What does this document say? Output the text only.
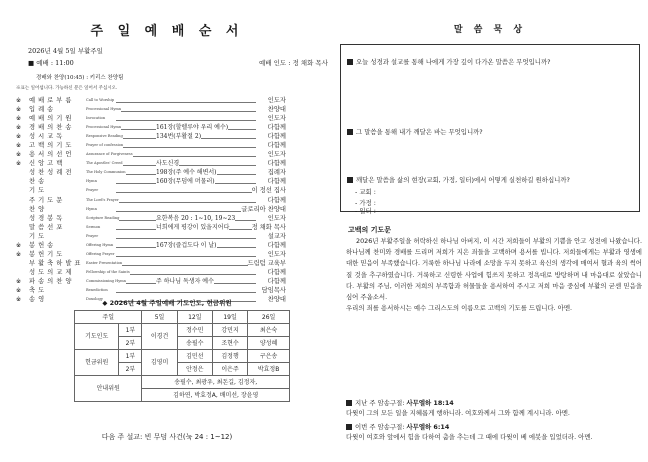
주 일 예 배 순 서
2026년 4월 5일 부활주일
■ 예배 : 11:00	예배 인도 : 정 채화 목사
경배와 찬양(10:45) : 키리스 찬양팀
※표는 일어섭니다. 가능하신 분은 일어서 주십시오.
※	예 배 로 부 름	Call to Worship	인도자
※	입 례 송	Processional Hymn	찬양대
※	예 배 의 기 원	Invocation	인도자
※	경 배 의 찬 송	Processional Hymn	161장(할렐루야 우리 예수)	다함께
※	성 시 교 독	Responsive Reading	134번(부활절 2)	다함께
※	고 백 의 기 도	Prayer of confession	다함께
※	용 서 의 선 언	Assurance of Forgiveness	인도자
※	신 앙 고 백	The Apostles' Creed	사도신경	다함께
성 찬 성 례 전	The Holy Communion	198장(주 예수 해변서)	집례자
찬 송	Hymn	160장(무덤에 머물러)	다함께
기 도	Prayer	이 정선 집사
주 기 도 문	The Lord's Prayer	다함께
찬 양	Hymn	글로리아 찬양대
성 경 봉 독	Scripture Reading	요한복음 20 : 1~10, 19~23	인도자
말 씀 선 포	Sermon	너희에게 평강이 있을지어다	정 채화 목사
기 도	Prayer	설교자
※	봉 헌 송	Offering Hymn	167장(즐겁도다 이 날)	다함께
※	봉 헌 기 도	Offering Prayer	인도자
부 활 축 하 발 표	Easter Presentation	드림텀 교육부
성 도 의 교 제	Fellowship of the Saints	다함께
※	파 송 의 찬 양	Commissioning Hymn	주 하나님 독생자 예수	다함께
※	축 도	Benediction	담임목사
※	송 영	Doxology	찬양대
◆ 2026년 4월 주일예배 기도인도, 헌금위원
주일		5일	12일	19일	26일
기도인도	1부	이경건	정수민	강민지	최은숙
	2부		송필수	조현수	양성혜
헌금위원	1부	김영미	김민선	김정행	구은송
	2부		안정은	이은주	박효정B
안내위원		송필수, 최광우, 최돈길, 김정자,			
		김하연, 박효정A, 배미선, 장윤영			
다음 주 설교: 빈 무덤 사건(눅 24 : 1~12)
말 씀 묵 상
오늘 성경과 설교를 통해 나에게 가장 깊이 다가온 말씀은 무엇입니까?
그 말씀을 통해 내가 깨달은 바는 무엇입니까?
깨달은 말씀을 삶의 현장(교회, 가정, 일터)에서 어떻게 실천하길 원하십니까?
- 교회 :
- 가정 :
- 일터 :
고백의 기도문
2026년 부활주일을 허락하신 하나님 아버지, 이 시간 저희들이 부활의 기쁨을 안고 성전에 나왔습니다. 하나님께 찬미와 경배를 드리며 저희가 지은 죄들을 고백하며 용서를 빕니다. 저희들에게는 부활과 영생에 대한 믿음이 부족했습니다. 거룩한 하나님 나라에 소망을 두지 못하고 육신의 생각에 매여서 혈과 육의 썩어질 것을 추구하였습니다. 거룩하고 신령한 사업에 힘쓰지 못하고 정욕대로 방탕하며 내 마음대로 살았습니다. 부활의 주님, 이러한 저희의 부족함과 허물들을 용서하여 주시고 저희 마음 중심에 부활의 굳센 믿음을 심어 주옵소서.
우리의 죄를 용서하시는 예수 그리스도의 이름으로 고백의 기도를 드립니다. 아멘.
지난 주 암송구절: 사무엘하 18:14
다윗이 그의 모든 일을 지혜롭게 행하니라. 여호와께서 그와 함께 계시니라. 아멘.
이번 주 암송구절: 사무엘하 6:14
다윗이 여호와 앞에서 힘을 다하여 춤을 추는데 그 때에 다윗이 베 에봇을 입었더라. 아멘.
